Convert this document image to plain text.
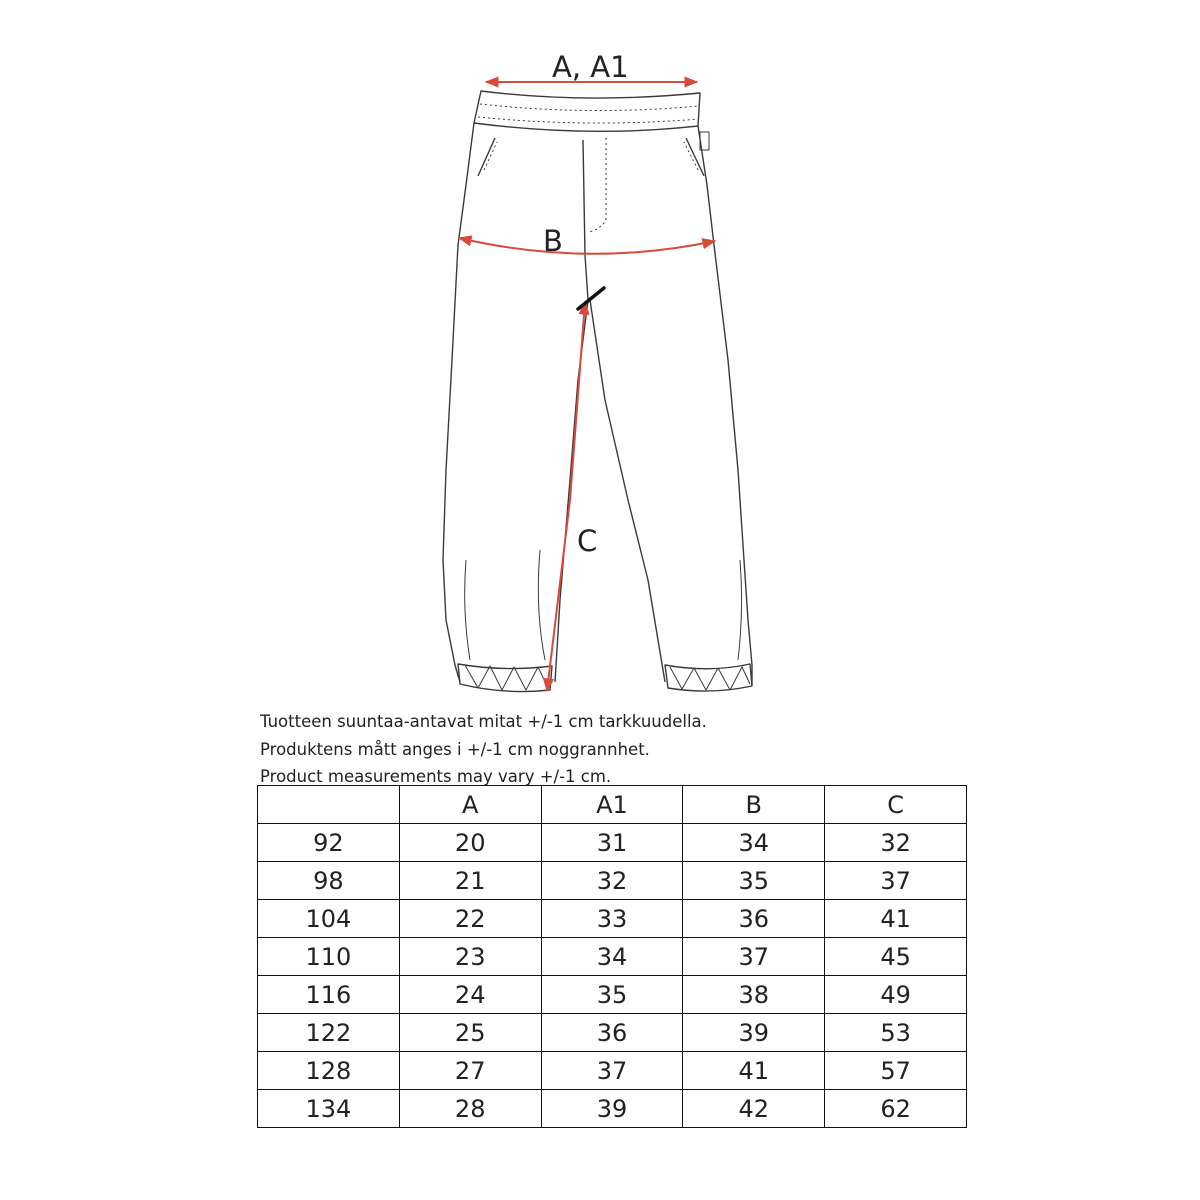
A, A1
B
C
Tuotteen suuntaa-antavat mitat +/-1 cm tarkkuudella.
Produktens mått anges i +/-1 cm noggrannhet.
Product measurements may vary +/-1 cm.
	A	A1	B	C
92	20	31	34	32
98	21	32	35	37
104	22	33	36	41
110	23	34	37	45
116	24	35	38	49
122	25	36	39	53
128	27	37	41	57
134	28	39	42	62
